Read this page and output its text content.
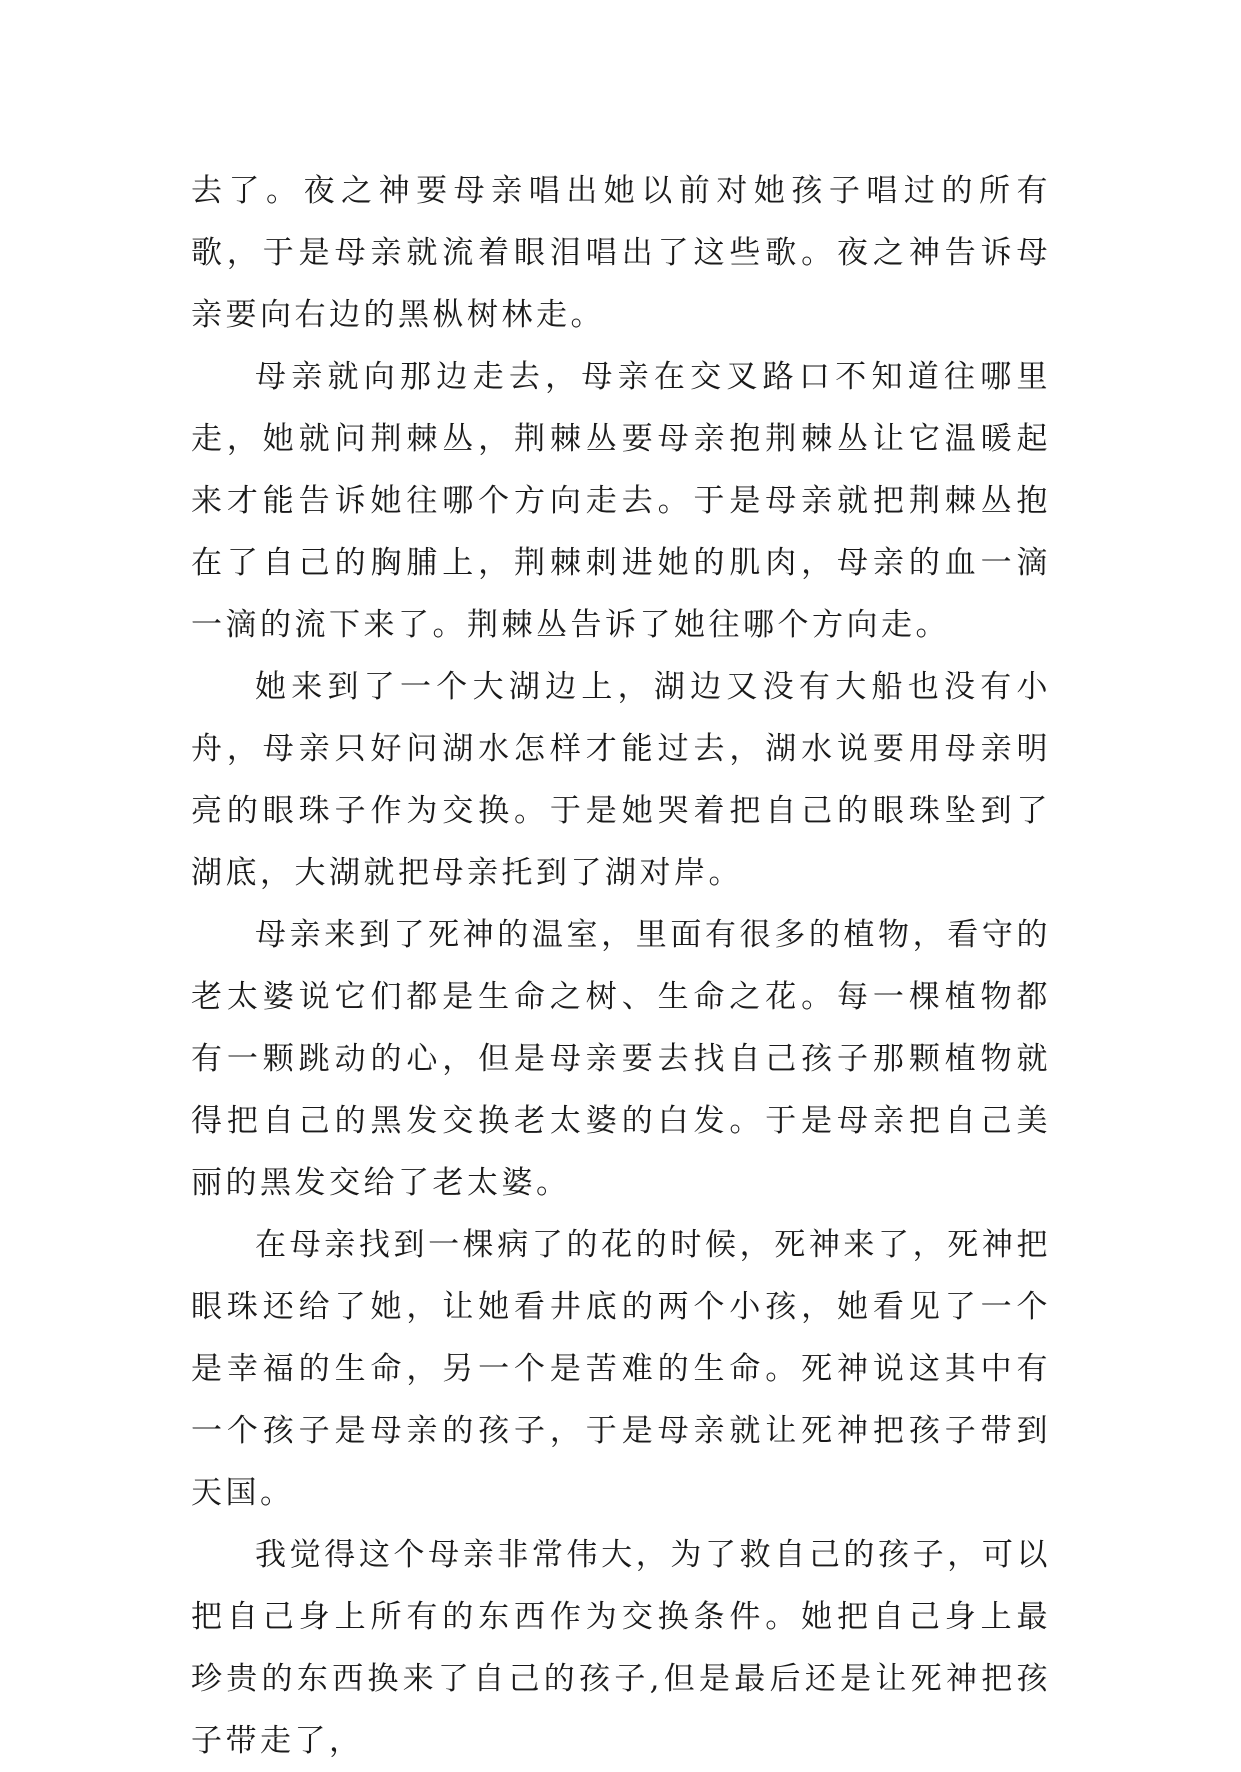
去了。夜之神要母亲唱出她以前对她孩子唱过的所有歌，于是母亲就流着眼泪唱出了这些歌。夜之神告诉母亲要向右边的黑枞树林走。

母亲就向那边走去，母亲在交叉路口不知道往哪里走，她就问荆棘丛，荆棘丛要母亲抱荆棘丛让它温暖起来才能告诉她往哪个方向走去。于是母亲就把荆棘丛抱在了自己的胸脯上，荆棘刺进她的肌肉，母亲的血一滴一滴的流下来了。荆棘丛告诉了她往哪个方向走。

她来到了一个大湖边上，湖边又没有大船也没有小舟，母亲只好问湖水怎样才能过去，湖水说要用母亲明亮的眼珠子作为交换。于是她哭着把自己的眼珠坠到了湖底，大湖就把母亲托到了湖对岸。

母亲来到了死神的温室，里面有很多的植物，看守的老太婆说它们都是生命之树、生命之花。每一棵植物都有一颗跳动的心，但是母亲要去找自己孩子那颗植物就得把自己的黑发交换老太婆的白发。于是母亲把自己美丽的黑发交给了老太婆。

在母亲找到一棵病了的花的时候，死神来了，死神把眼珠还给了她，让她看井底的两个小孩，她看见了一个是幸福的生命，另一个是苦难的生命。死神说这其中有一个孩子是母亲的孩子，于是母亲就让死神把孩子带到天国。

我觉得这个母亲非常伟大，为了救自己的孩子，可以把自己身上所有的东西作为交换条件。她把自己身上最珍贵的东西换来了自己的孩子,但是最后还是让死神把孩子带走了，
